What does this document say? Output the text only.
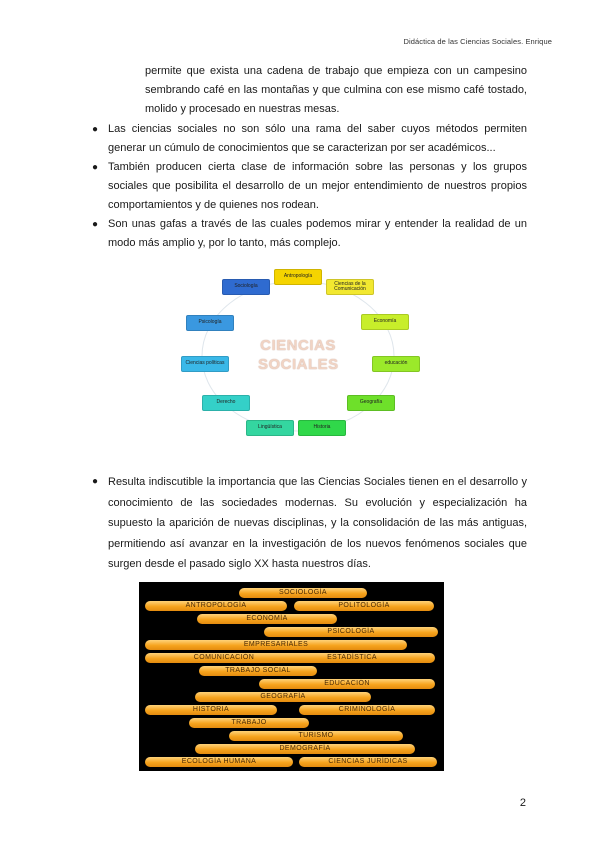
Didáctica de las Ciencias Sociales. Enrique
permite que exista una cadena de trabajo que empieza con un campesino sembrando café en las montañas y que culmina con ese mismo café tostado, molido y procesado en nuestras mesas.
● Las ciencias sociales no son sólo una rama del saber cuyos métodos permiten generar un cúmulo de conocimientos que se caracterizan por ser académicos...
● También producen cierta clase de información sobre las personas y los grupos sociales que posibilita el desarrollo de un mejor entendimiento de nuestros propios comportamientos y de quienes nos rodean.
● Son unas gafas a través de las cuales podemos mirar y entender la realidad de un modo más amplio y, por lo tanto, más complejo.
CIENCIAS
SOCIALES
Antropología
Ciencias de la Comunicación
Economía
educación
Geografía
Historia
Lingüística
Derecho
Ciencias políticas
Psicología
Sociología
● Resulta indiscutible la importancia que las Ciencias Sociales tienen en el desarrollo y conocimiento de las sociedades modernas. Su evolución y especialización ha supuesto la aparición de nuevas disciplinas, y la consolidación de las más antiguas, permitiendo así avanzar en la investigación de los nuevos fenómenos sociales que surgen desde el pasado siglo XX hasta nuestros días.
SOCIOLOGÍA
ANTROPOLOGÍA	POLITOLOGÍA
ECONOMÍA
PSICOLOGÍA
EMPRESARIALES
COMUNICACIÓN	ESTADÍSTICA
TRABAJO SOCIAL
EDUCACIÓN
GEOGRAFÍA
HISTORIA	CRIMINOLOGÍA
TRABAJO
TURISMO
DEMOGRAFÍA
ECOLOGÍA HUMANA	CIENCIAS JURÍDICAS
2
